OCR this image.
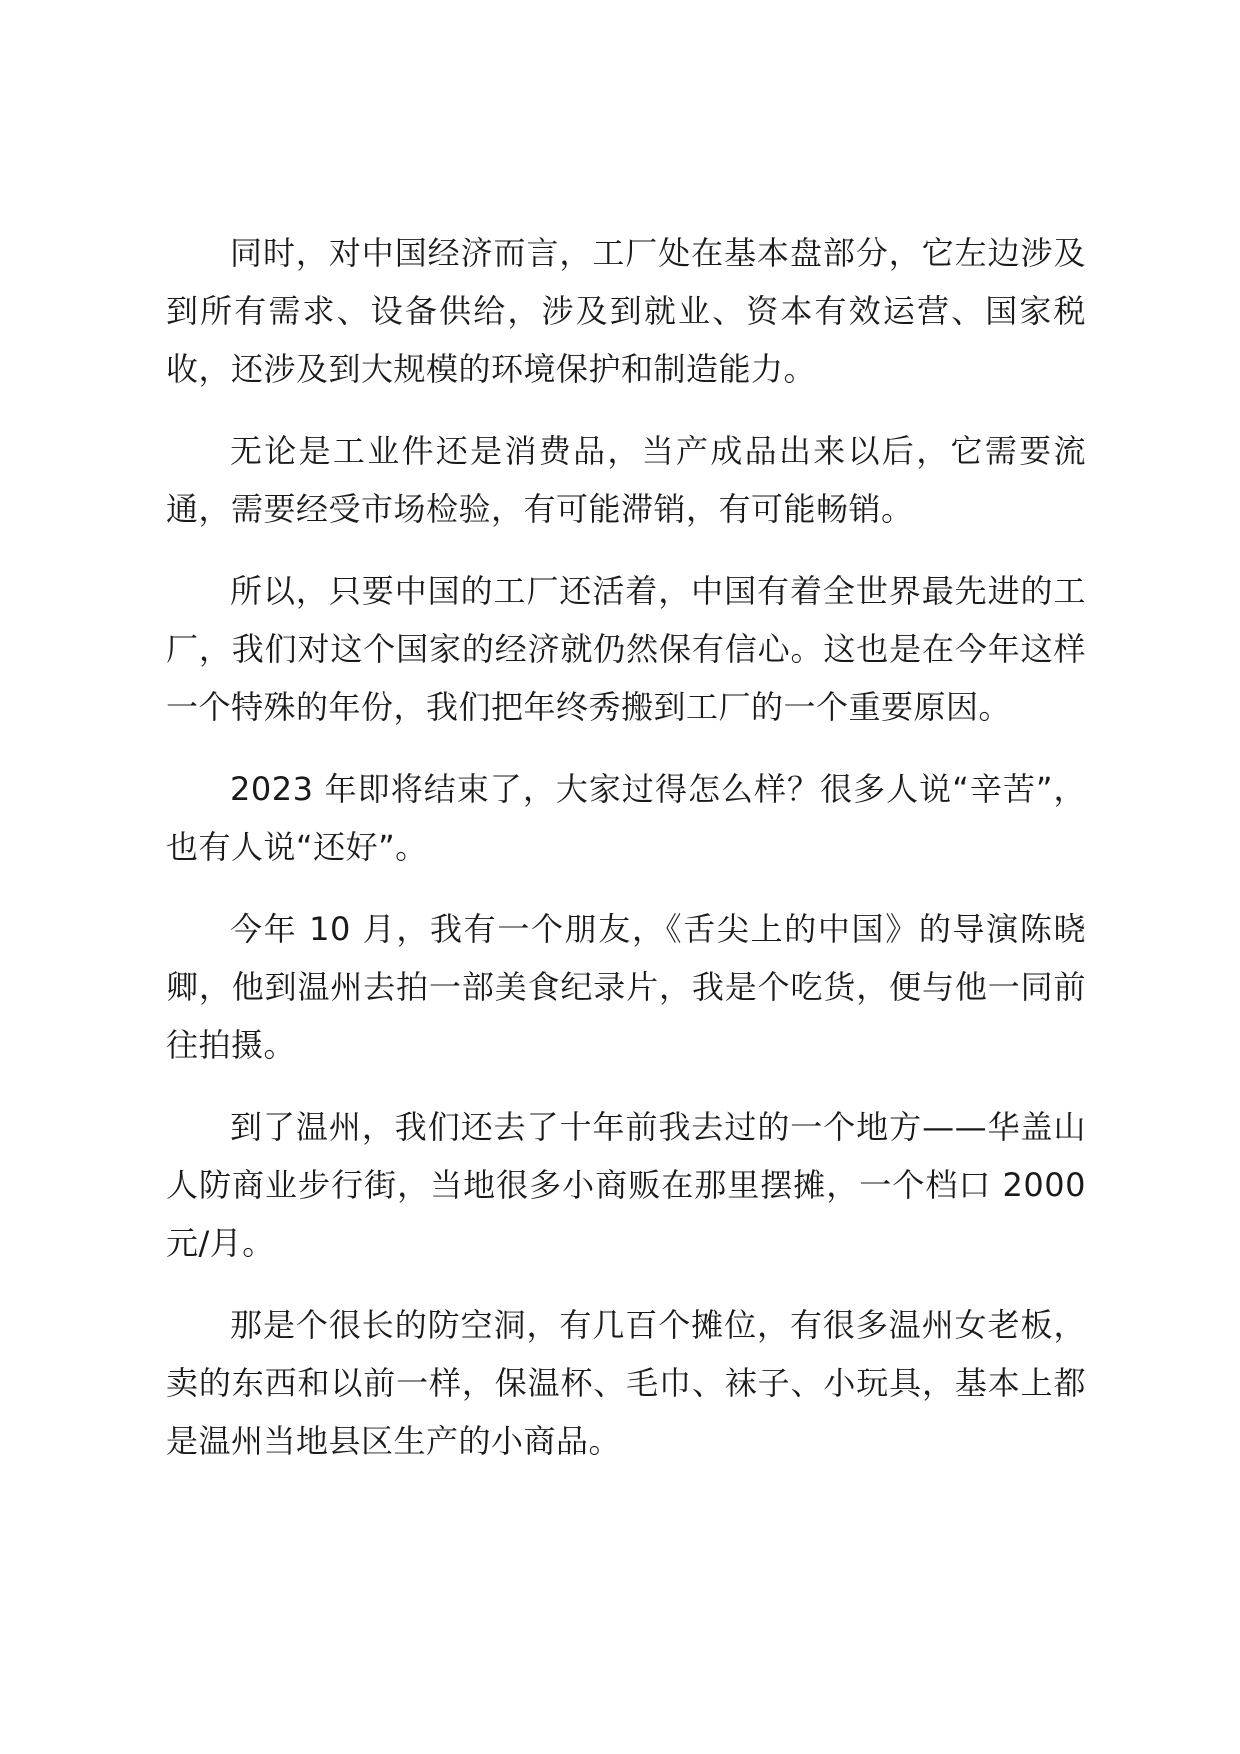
同时，对中国经济而言，工厂处在基本盘部分，它左边涉及到所有需求、设备供给，涉及到就业、资本有效运营、国家税收，还涉及到大规模的环境保护和制造能力。

无论是工业件还是消费品，当产成品出来以后，它需要流通，需要经受市场检验，有可能滞销，有可能畅销。

所以，只要中国的工厂还活着，中国有着全世界最先进的工厂，我们对这个国家的经济就仍然保有信心。这也是在今年这样一个特殊的年份，我们把年终秀搬到工厂的一个重要原因。

2023 年即将结束了，大家过得怎么样？很多人说“辛苦”，也有人说“还好”。

今年 10 月，我有一个朋友，《舌尖上的中国》的导演陈晓卿，他到温州去拍一部美食纪录片，我是个吃货，便与他一同前往拍摄。

到了温州，我们还去了十年前我去过的一个地方——华盖山人防商业步行街，当地很多小商贩在那里摆摊，一个档口 2000 元/月。

那是个很长的防空洞，有几百个摊位，有很多温州女老板，卖的东西和以前一样，保温杯、毛巾、袜子、小玩具，基本上都是温州当地县区生产的小商品。
